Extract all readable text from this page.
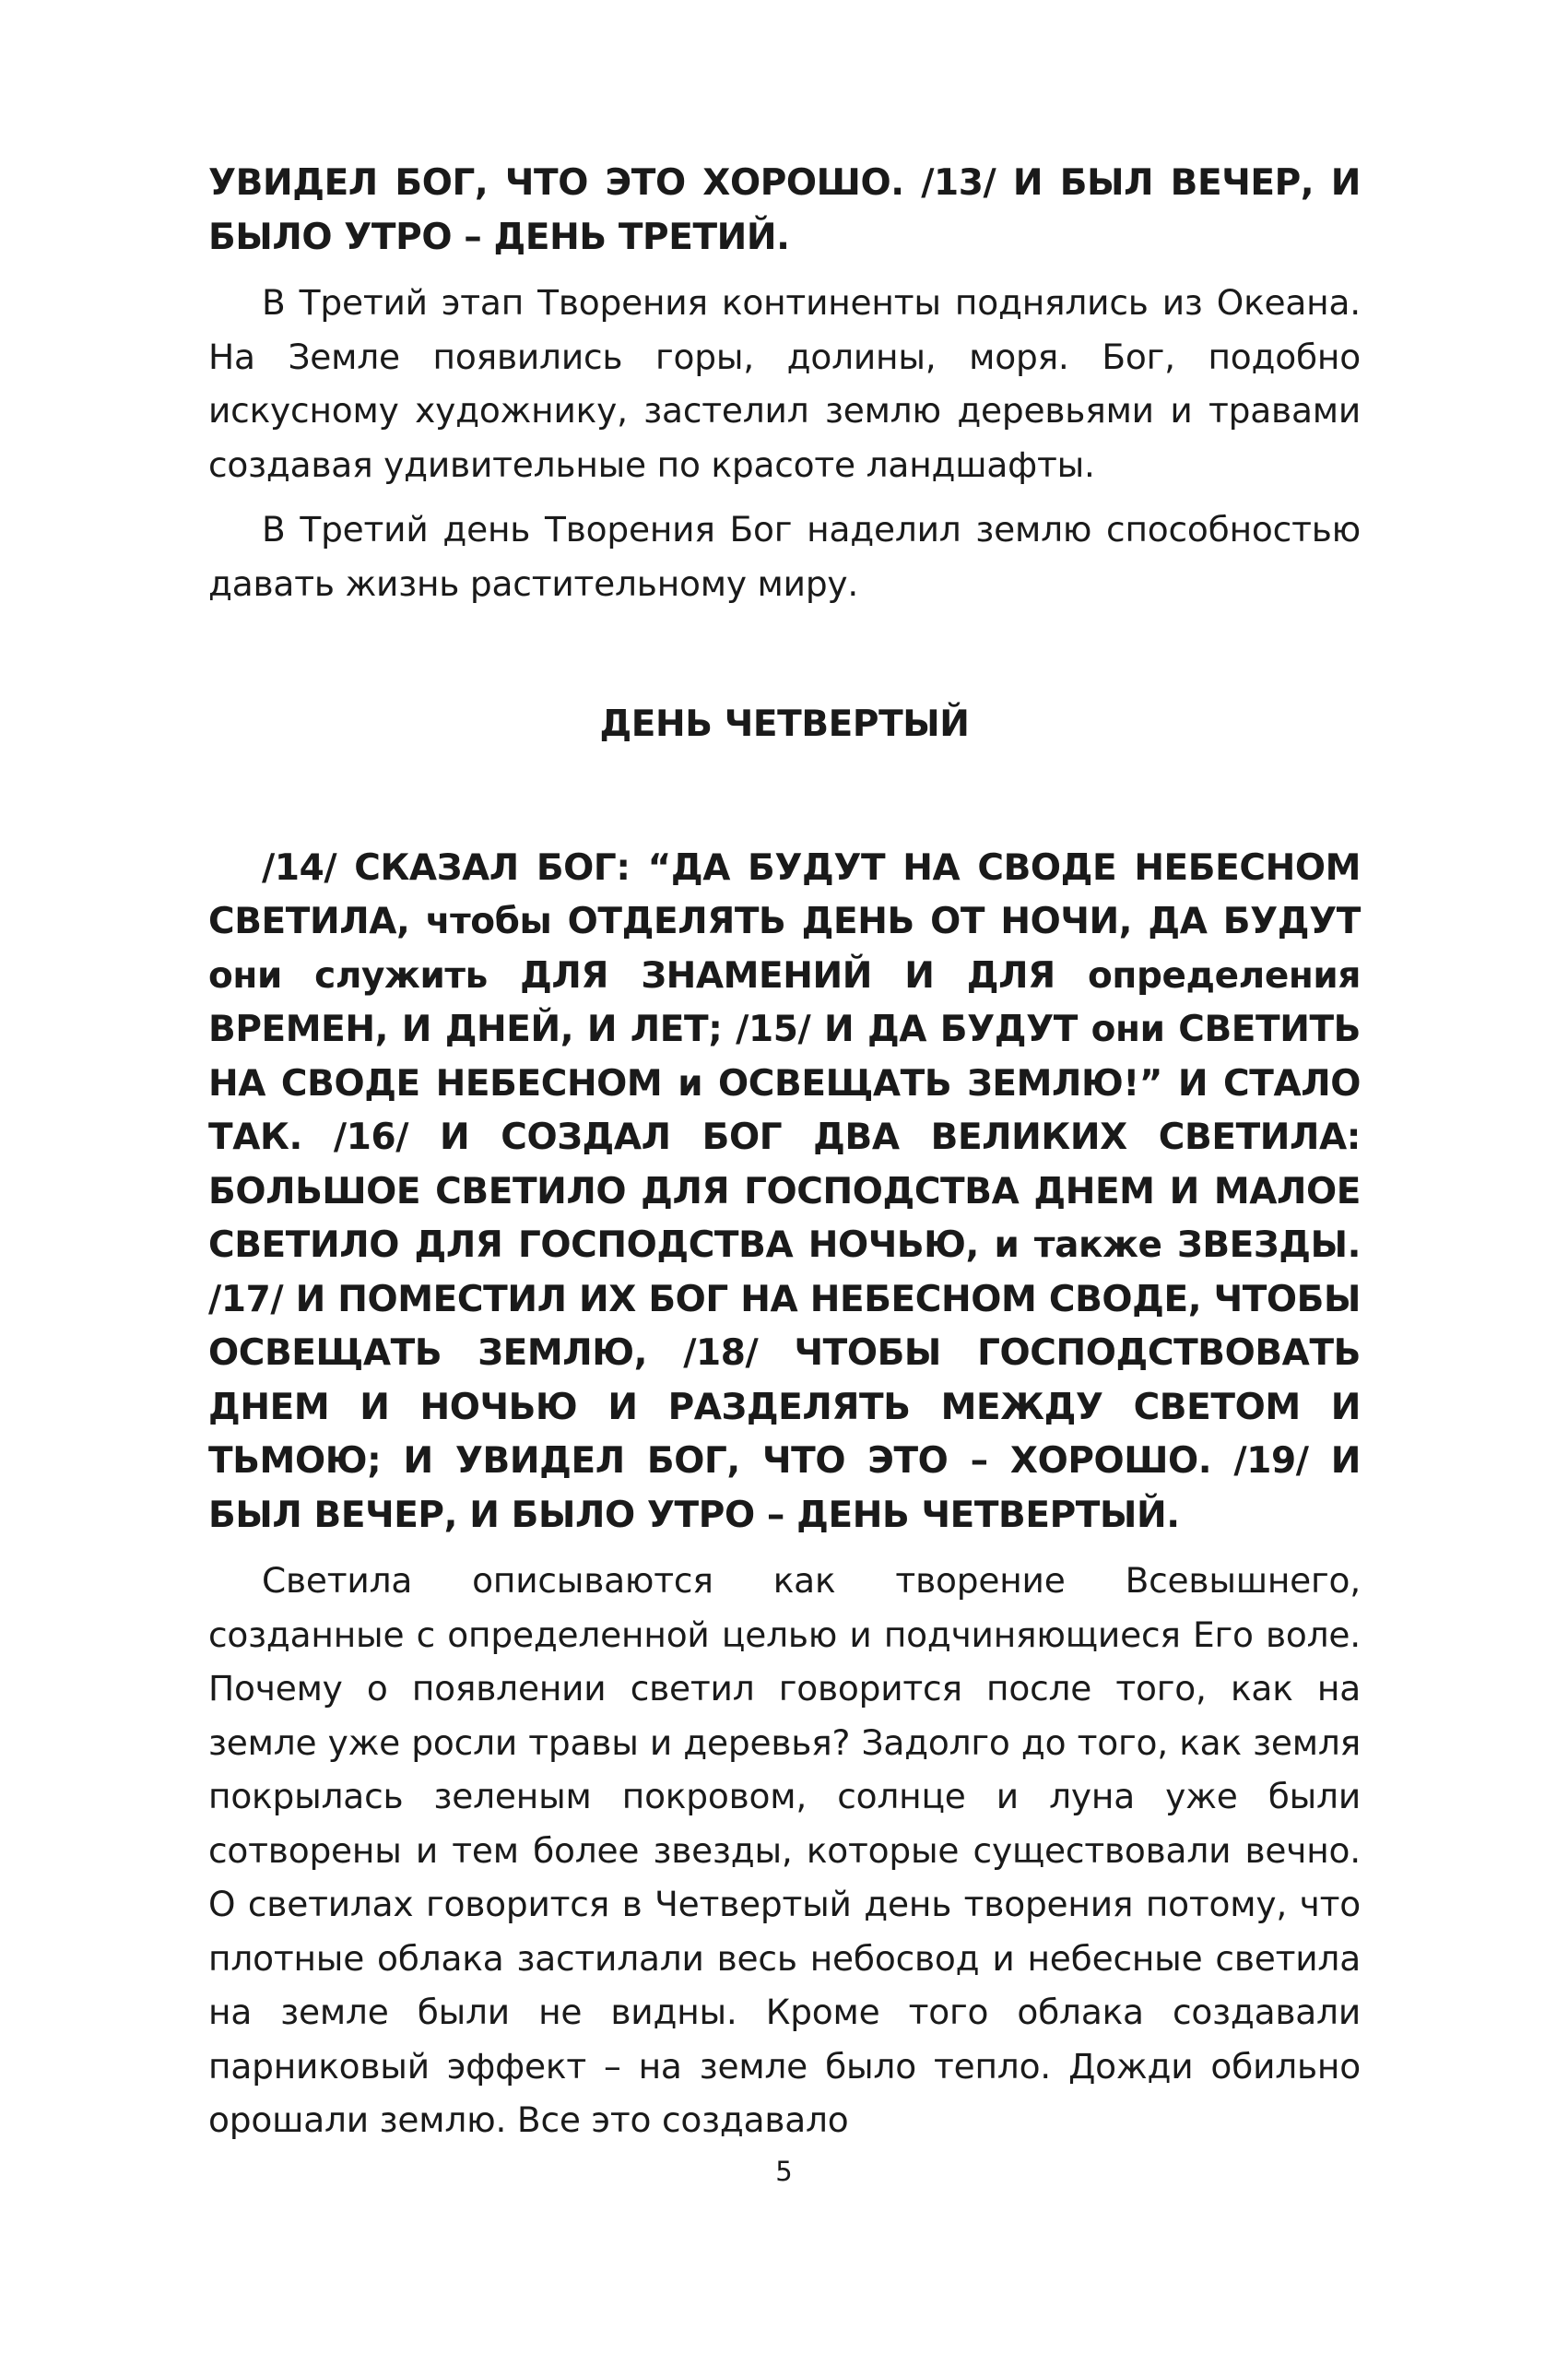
УВИДЕЛ БОГ, ЧТО ЭТО ХОРОШО. /13/ И БЫЛ ВЕЧЕР, И БЫЛО УТРО – ДЕНЬ ТРЕТИЙ.

В Третий этап Творения континенты поднялись из Океана. На Земле появились горы, долины, моря. Бог, подобно искусному художнику, застелил землю деревьями и травами создавая удивительные по красоте ландшафты.

В Третий день Творения Бог наделил землю способностью давать жизнь растительному миру.

ДЕНЬ ЧЕТВЕРТЫЙ

/14/ СКАЗАЛ БОГ: “ДА БУДУТ НА СВОДЕ НЕБЕСНОМ СВЕТИЛА, чтобы ОТДЕЛЯТЬ ДЕНЬ ОТ НОЧИ, ДА БУДУТ они служить ДЛЯ ЗНАМЕНИЙ И ДЛЯ определения ВРЕМЕН, И ДНЕЙ, И ЛЕТ; /15/ И ДА БУДУТ они СВЕТИТЬ НА СВОДЕ НЕБЕСНОМ и ОСВЕЩАТЬ ЗЕМЛЮ!” И СТАЛО ТАК. /16/ И СОЗДАЛ БОГ ДВА ВЕЛИКИХ СВЕТИЛА: БОЛЬШОЕ СВЕТИЛО ДЛЯ ГОСПОДСТВА ДНЕМ И МАЛОЕ СВЕТИЛО ДЛЯ ГОСПОДСТВА НОЧЬЮ, и также ЗВЕЗДЫ. /17/ И ПОМЕСТИЛ ИХ БОГ НА НЕБЕСНОМ СВОДЕ, ЧТОБЫ ОСВЕЩАТЬ ЗЕМЛЮ, /18/ ЧТОБЫ ГОСПОДСТВОВАТЬ ДНЕМ И НОЧЬЮ И РАЗДЕЛЯТЬ МЕЖДУ СВЕТОМ И ТЬМОЮ; И УВИДЕЛ БОГ, ЧТО ЭТО – ХОРОШО. /19/ И БЫЛ ВЕЧЕР, И БЫЛО УТРО – ДЕНЬ ЧЕТВЕРТЫЙ.

Светила описываются как творение Всевышнего, созданные с определенной целью и подчиняющиеся Его воле. Почему о появлении светил говорится после того, как на земле уже росли травы и деревья? Задолго до того, как земля покрылась зеленым покровом, солнце и луна уже были сотворены и тем более звезды, которые существовали вечно. О светилах говорится в Четвертый день творения потому, что плотные облака застилали весь небосвод и небесные светила на земле были не видны. Кроме того облака создавали парниковый эффект – на земле было тепло. Дожди обильно орошали землю. Все это создавало

5
